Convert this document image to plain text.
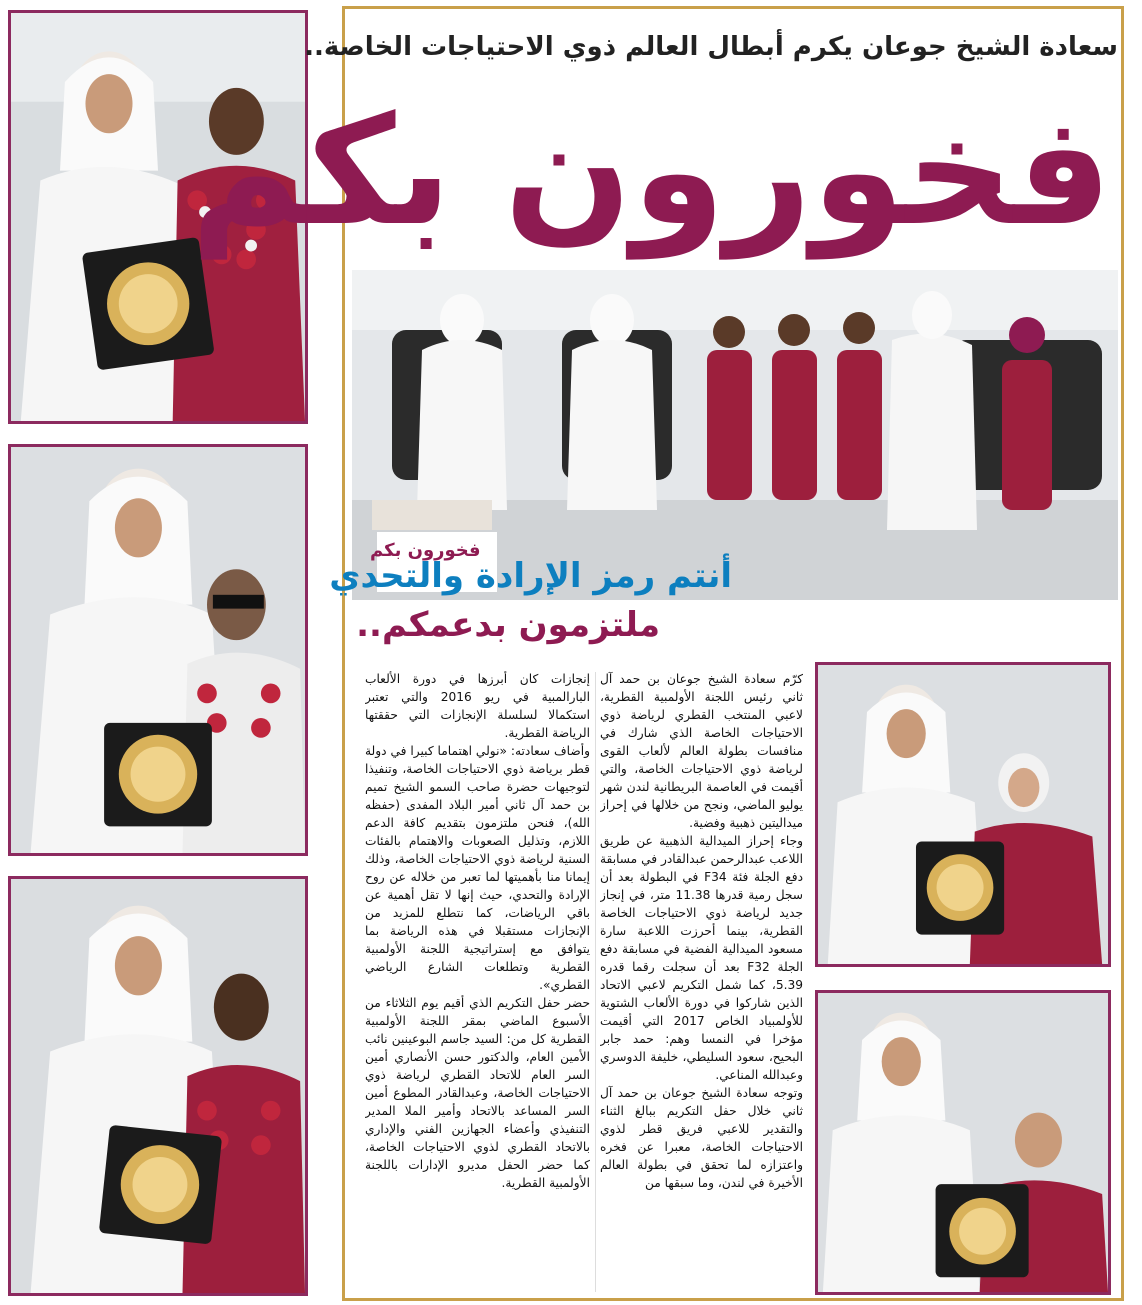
سعادة الشيخ جوعان يكرم أبطال العالم ذوي الاحتياجات الخاصة..
فخورون بكم
فخورون بكم
أنتم رمز الإرادة والتحدي
ملتزمون بدعمكم..

كرّم سعادة الشيخ جوعان بن حمد آل ثاني رئيس اللجنة الأولمبية القطرية، لاعبي المنتخب القطري لرياضة ذوي الاحتياجات الخاصة الذي شارك في منافسات بطولة العالم لألعاب القوى لرياضة ذوي الاحتياجات الخاصة، والتي أقيمت في العاصمة البريطانية لندن شهر يوليو الماضي، ونجح من خلالها في إحراز ميداليتين ذهبية وفضية.

وجاء إحراز الميدالية الذهبية عن طريق اللاعب عبدالرحمن عبدالقادر في مسابقة دفع الجلة فئة F34 في البطولة بعد أن سجل رمية قدرها 11.38 متر، في إنجاز جديد لرياضة ذوي الاحتياجات الخاصة القطرية، بينما أحرزت اللاعبة سارة مسعود الميدالية الفضية في مسابقة دفع الجلة F32 بعد أن سجلت رقما قدره 5.39، كما شمل التكريم لاعبي الاتحاد الذين شاركوا في دورة الألعاب الشتوية للأولمبياد الخاص 2017 التي أقيمت مؤخرا في النمسا وهم: حمد جابر البحيح، سعود السليطي، خليفة الدوسري وعبدالله المناعي.

وتوجه سعادة الشيخ جوعان بن حمد آل ثاني خلال حفل التكريم ببالغ الثناء والتقدير للاعبي فريق قطر لذوي الاحتياجات الخاصة، معبرا عن فخره واعتزازه لما تحقق في بطولة العالم الأخيرة في لندن، وما سبقها من

إنجازات كان أبرزها في دورة الألعاب البارالمبية في ريو 2016 والتي تعتبر استكمالا لسلسلة الإنجازات التي حققتها الرياضة القطرية.

وأضاف سعادته: «نولي اهتماما كبيرا في دولة قطر برياضة ذوي الاحتياجات الخاصة، وتنفيذا لتوجيهات حضرة صاحب السمو الشيخ تميم بن حمد آل ثاني أمير البلاد المفدى (حفظه الله)، فنحن ملتزمون بتقديم كافة الدعم اللازم، وتذليل الصعوبات والاهتمام بالفئات السنية لرياضة ذوي الاحتياجات الخاصة، وذلك إيمانا منا بأهميتها لما تعبر من خلاله عن روح الإرادة والتحدي، حيث إنها لا تقل أهمية عن باقي الرياضات، كما نتطلع للمزيد من الإنجازات مستقبلا في هذه الرياضة بما يتوافق مع إستراتيجية اللجنة الأولمبية القطرية وتطلعات الشارع الرياضي القطري».

حضر حفل التكريم الذي أقيم يوم الثلاثاء من الأسبوع الماضي بمقر اللجنة الأولمبية القطرية كل من: السيد جاسم البوعينين نائب الأمين العام، والدكتور حسن الأنصاري أمين السر العام للاتحاد القطري لرياضة ذوي الاحتياجات الخاصة، وعبدالقادر المطوع أمين السر المساعد بالاتحاد وأمير الملا المدير التنفيذي وأعضاء الجهازين الفني والإداري بالاتحاد القطري لذوي الاحتياجات الخاصة، كما حضر الحفل مديرو الإدارات باللجنة الأولمبية القطرية.
